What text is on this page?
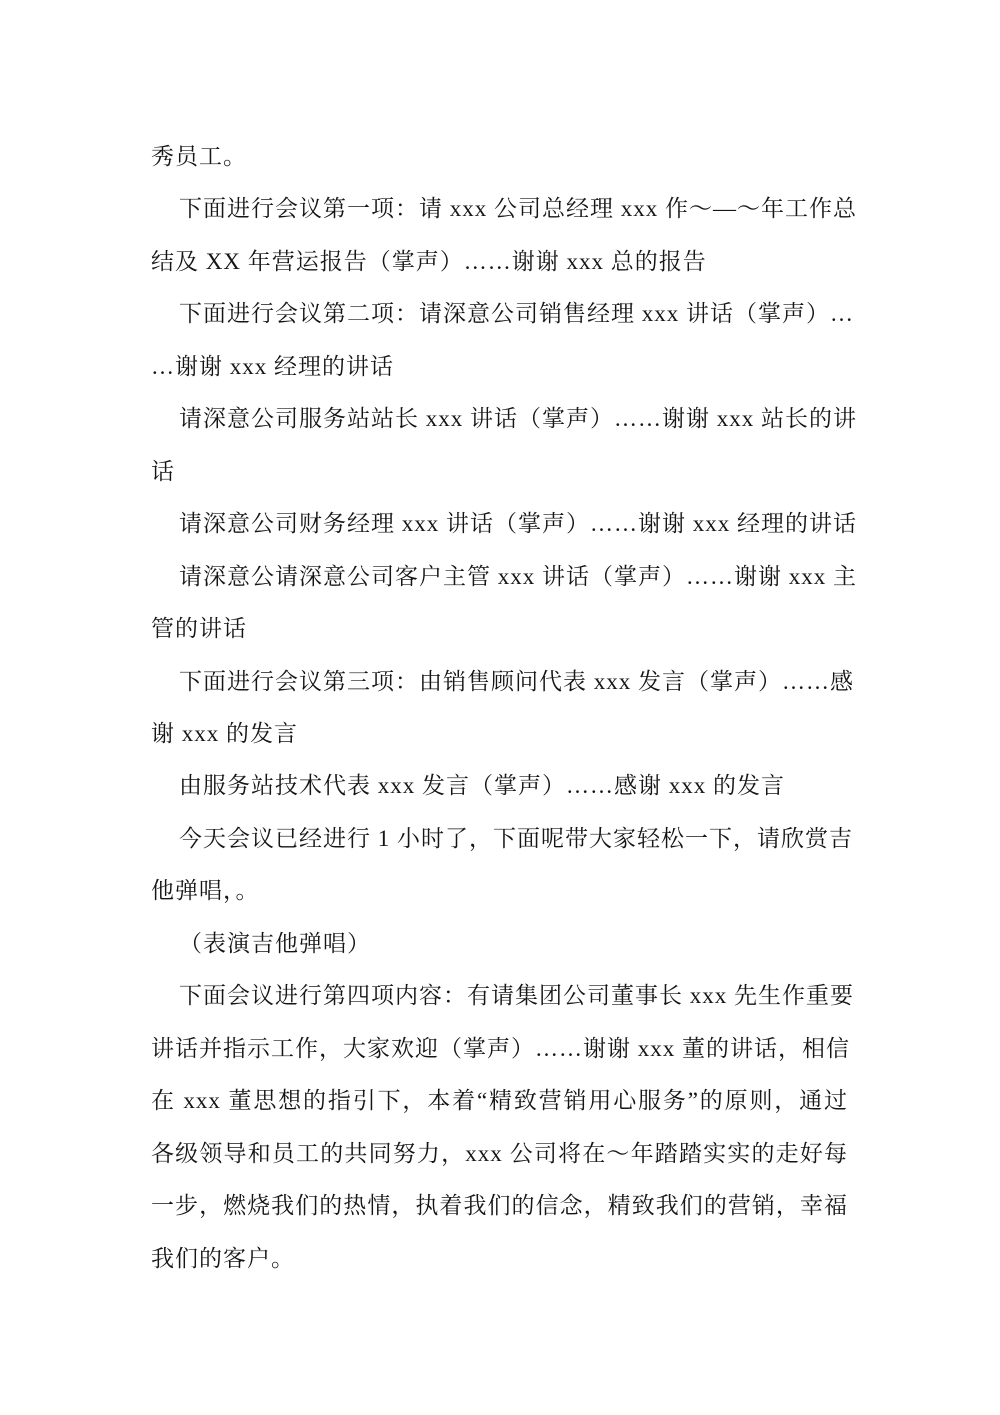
秀员工。
下面进行会议第一项：请 xxx 公司总经理 xxx 作～—～年工作总
结及 XX 年营运报告（掌声）……谢谢 xxx 总的报告
下面进行会议第二项：请深意公司销售经理 xxx 讲话（掌声）…
…谢谢 xxx 经理的讲话
请深意公司服务站站长 xxx 讲话（掌声）……谢谢 xxx 站长的讲
话
请深意公司财务经理 xxx 讲话（掌声）……谢谢 xxx 经理的讲话
请深意公请深意公司客户主管 xxx 讲话（掌声）……谢谢 xxx 主
管的讲话
下面进行会议第三项：由销售顾问代表 xxx 发言（掌声）……感
谢 xxx 的发言
由服务站技术代表 xxx 发言（掌声）……感谢 xxx 的发言
今天会议已经进行 1 小时了，下面呢带大家轻松一下，请欣赏吉
他弹唱，。
（表演吉他弹唱）
下面会议进行第四项内容：有请集团公司董事长 xxx 先生作重要
讲话并指示工作，大家欢迎（掌声）……谢谢 xxx 董的讲话，相信
在 xxx 董思想的指引下，本着“精致营销用心服务”的原则，通过
各级领导和员工的共同努力，xxx 公司将在～年踏踏实实的走好每
一步，燃烧我们的热情，执着我们的信念，精致我们的营销，幸福
我们的客户。
